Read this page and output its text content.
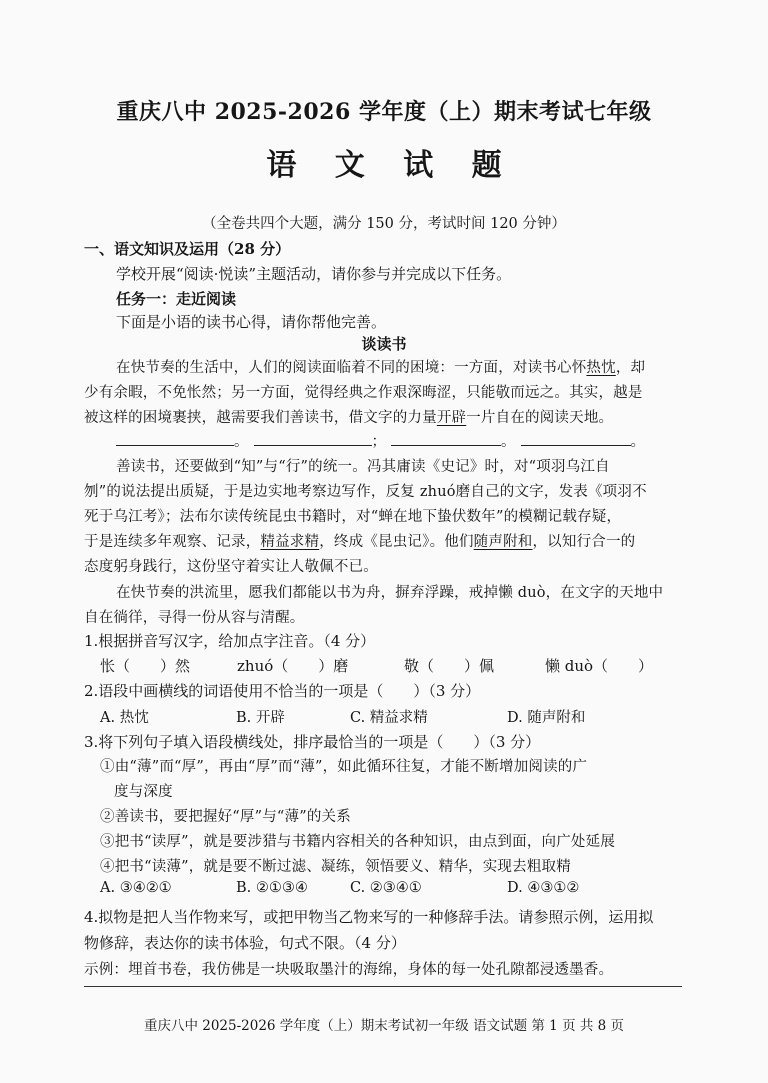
重庆八中 2025-2026 学年度（上）期末考试七年级
语 文 试 题
（全卷共四个大题，满分 150 分，考试时间 120 分钟）
一、语文知识及运用（28 分）
学校开展“阅读·悦读”主题活动，请你参与并完成以下任务。
任务一：走近阅读
下面是小语的读书心得，请你帮他完善。
谈读书
在快节奏的生活中，人们的阅读面临着不同的困境：一方面，对读书心怀热忱，却
少有余暇，不免怅然；另一方面，觉得经典之作艰深晦涩，只能敬而远之。其实，越是
被这样的困境裹挟，越需要我们善读书，借文字的力量开辟一片自在的阅读天地。
。	；	。	。
善读书，还要做到“知”与“行”的统一。冯其庸读《史记》时，对“项羽乌江自
刎”的说法提出质疑，于是边实地考察边写作，反复 zhuó磨自己的文字，发表《项羽不
死于乌江考》；法布尔读传统昆虫书籍时，对“蝉在地下蛰伏数年”的模糊记载存疑，
于是连续多年观察、记录，精益求精，终成《昆虫记》。他们随声附和，以知行合一的
态度躬身践行，这份坚守着实让人敬佩不已。
在快节奏的洪流里，愿我们都能以书为舟，摒弃浮躁，戒掉懒 duò，在文字的天地中
自在徜徉，寻得一份从容与清醒。
1.根据拼音写汉字，给加点字注音。（4 分）
怅（　　）然	zhuó（　　）磨	敬（　　）佩	懒 duò（　　）
2.语段中画横线的词语使用不恰当的一项是（　　）（3 分）
A. 热忱	B. 开辟	C. 精益求精	D. 随声附和
3.将下列句子填入语段横线处，排序最恰当的一项是（　　）（3 分）
①由“薄”而“厚”，再由“厚”而“薄”，如此循环往复，才能不断增加阅读的广
度与深度
②善读书，要把握好“厚”与“薄”的关系
③把书“读厚”，就是要涉猎与书籍内容相关的各种知识，由点到面，向广处延展
④把书“读薄”，就是要不断过滤、凝练，领悟要义、精华，实现去粗取精
A. ③④②①	B. ②①③④	C. ②③④①	D. ④③①②
4.拟物是把人当作物来写，或把甲物当乙物来写的一种修辞手法。请参照示例，运用拟
物修辞，表达你的读书体验，句式不限。（4 分）
示例：埋首书卷，我仿佛是一块吸取墨汁的海绵，身体的每一处孔隙都浸透墨香。
重庆八中 2025-2026 学年度（上）期末考试初一年级 语文试题 第 1 页 共 8 页
